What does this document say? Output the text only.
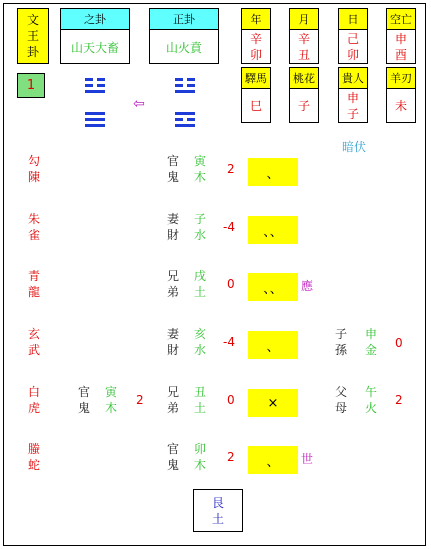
文王卦
1
之卦
山天大畜
正卦
山火賁
年
辛卯
月
辛丑
日
己卯
空亡
申酉
驛馬
巳
桃花
子
貴人
申子
羊刃
未
⇦
暗伏
勾陳
官鬼
寅木
2 、
朱雀
妻財
子水
-4 、、
青龍
兄弟
戌土
0 、、 應
玄武
妻財
亥水
-4 、
白虎
兄弟
丑土
0	×
螣蛇
官鬼
卯木
2 、 世
官鬼
寅木
2
子孫
申金 0
父母
午火
2
艮土
